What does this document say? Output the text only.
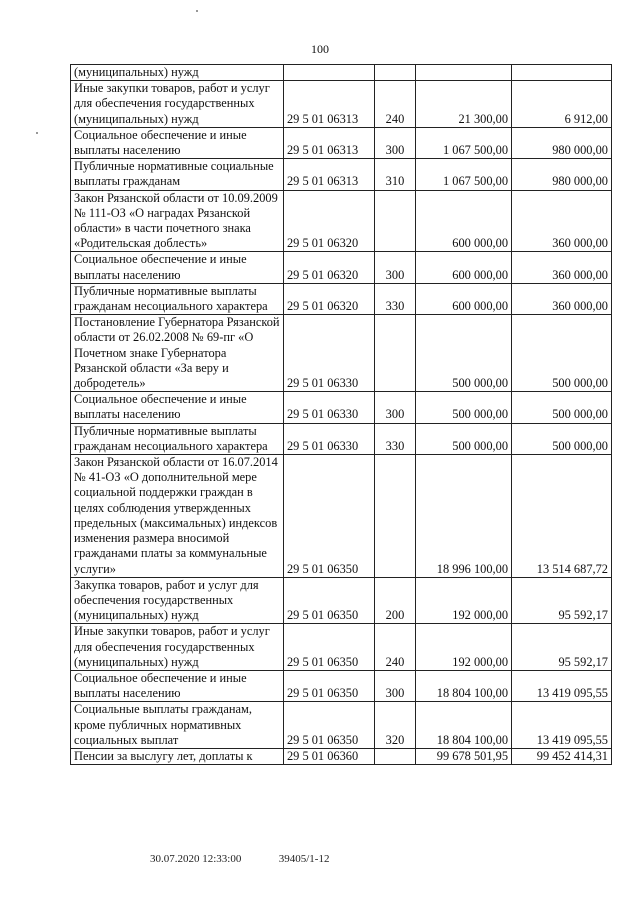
100
(муниципальных) нужд				
Иные закупки товаров, работ и услуг для обеспечения государственных (муниципальных) нужд	29 5 01 06313	240	21 300,00	6 912,00
Социальное обеспечение и иные выплаты населению	29 5 01 06313	300	1 067 500,00	980 000,00
Публичные нормативные социальные выплаты гражданам	29 5 01 06313	310	1 067 500,00	980 000,00
Закон Рязанской области от 10.09.2009 № 111-ОЗ «О наградах Рязанской области» в части почетного знака «Родительская доблесть»	29 5 01 06320		600 000,00	360 000,00
Социальное обеспечение и иные выплаты населению	29 5 01 06320	300	600 000,00	360 000,00
Публичные нормативные выплаты гражданам несоциального характера	29 5 01 06320	330	600 000,00	360 000,00
Постановление Губернатора Рязанской области от 26.02.2008 № 69-пг «О Почетном знаке Губернатора Рязанской области «За веру и добродетель»	29 5 01 06330		500 000,00	500 000,00
Социальное обеспечение и иные выплаты населению	29 5 01 06330	300	500 000,00	500 000,00
Публичные нормативные выплаты гражданам несоциального характера	29 5 01 06330	330	500 000,00	500 000,00
Закон Рязанской области от 16.07.2014 № 41-ОЗ «О дополнительной мере социальной поддержки граждан в целях соблюдения утвержденных предельных (максимальных) индексов изменения размера вносимой гражданами платы за коммунальные услуги»	29 5 01 06350		18 996 100,00	13 514 687,72
Закупка товаров, работ и услуг для обеспечения государственных (муниципальных) нужд	29 5 01 06350	200	192 000,00	95 592,17
Иные закупки товаров, работ и услуг для обеспечения государственных (муниципальных) нужд	29 5 01 06350	240	192 000,00	95 592,17
Социальное обеспечение и иные выплаты населению	29 5 01 06350	300	18 804 100,00	13 419 095,55
Социальные выплаты гражданам, кроме публичных нормативных социальных выплат	29 5 01 06350	320	18 804 100,00	13 419 095,55
Пенсии за выслугу лет, доплаты к	29 5 01 06360		99 678 501,95	99 452 414,31
30.07.2020 12:33:00	39405/1-12
